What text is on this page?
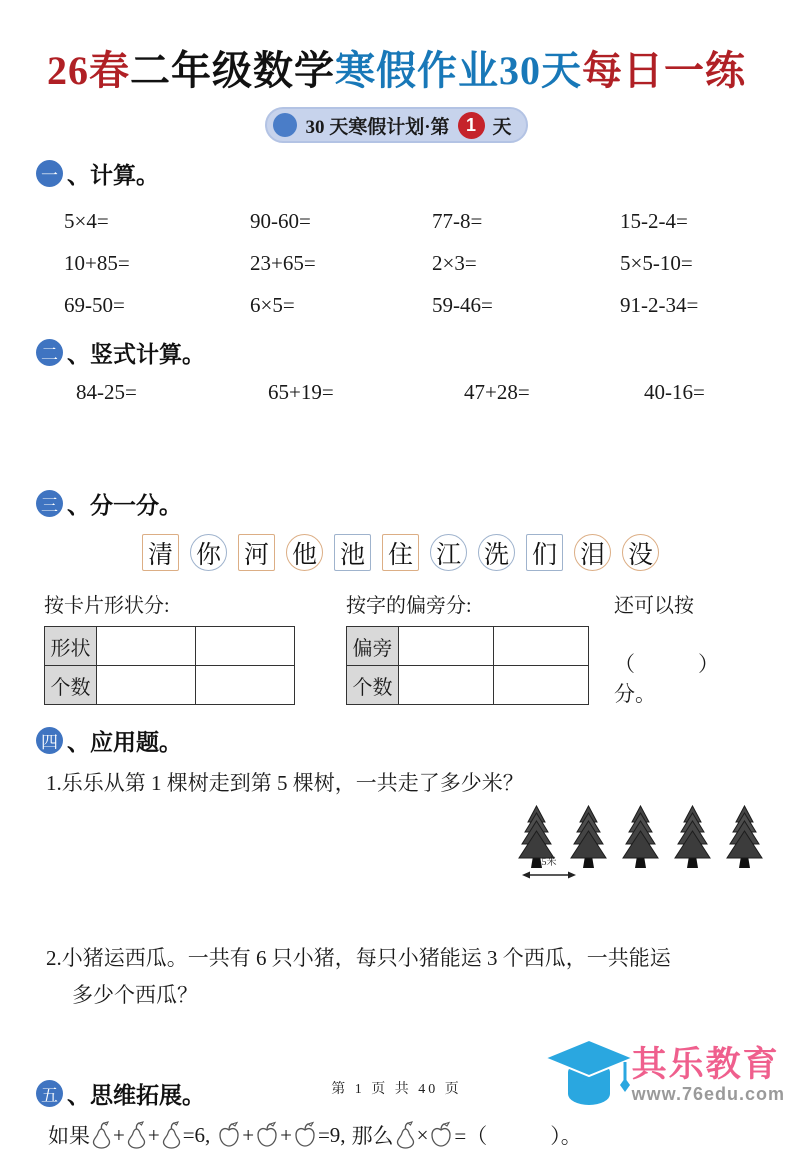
26春二年级数学寒假作业30天每日一练
30 天寒假计划·第 1 天
一 、计算。
5×4=	90-60=	77-8=	15-2-4=
10+85=	23+65=	2×3=	5×5-10=
69-50=	6×5=	59-46=	91-2-34=
二 、竖式计算。
84-25=	65+19=	47+28=	40-16=
三 、分一分。
清 你 河 他 池 住 江 洗 们 泪 没
按卡片形状分:
形状		
个数		
按字的偏旁分:
偏旁		
个数		
还可以按
（　　　）分。
四 、应用题。
1.乐乐从第 1 棵树走到第 5 棵树，一共走了多少米？
5米
2.小猪运西瓜。一共有 6 只小猪，每只小猪能运 3 个西瓜，一共能运
多少个西瓜？
五 、思维拓展。
如果 + + =6, + + =9, 那么 × =（　　　）。
第 1 页 共 40 页
其乐教育
www.76edu.com
